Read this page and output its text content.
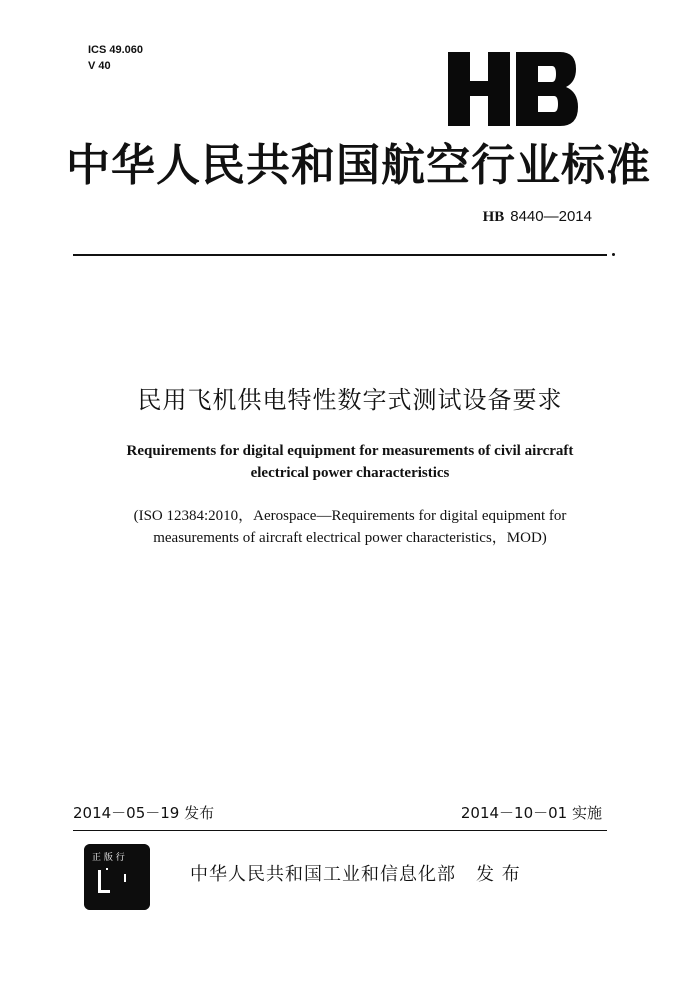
ICS 49.060
V 40
中华人民共和国航空行业标准
HB 8440—2014
民用飞机供电特性数字式测试设备要求
Requirements for digital equipment for measurements of civil aircraft
electrical power characteristics
(ISO 12384:2010，Aerospace—Requirements for digital equipment for
measurements of aircraft electrical power characteristics，MOD)
2014－05－19 发布	2014－10－01 实施
正 版 行
中华人民共和国工业和信息化部 发 布
